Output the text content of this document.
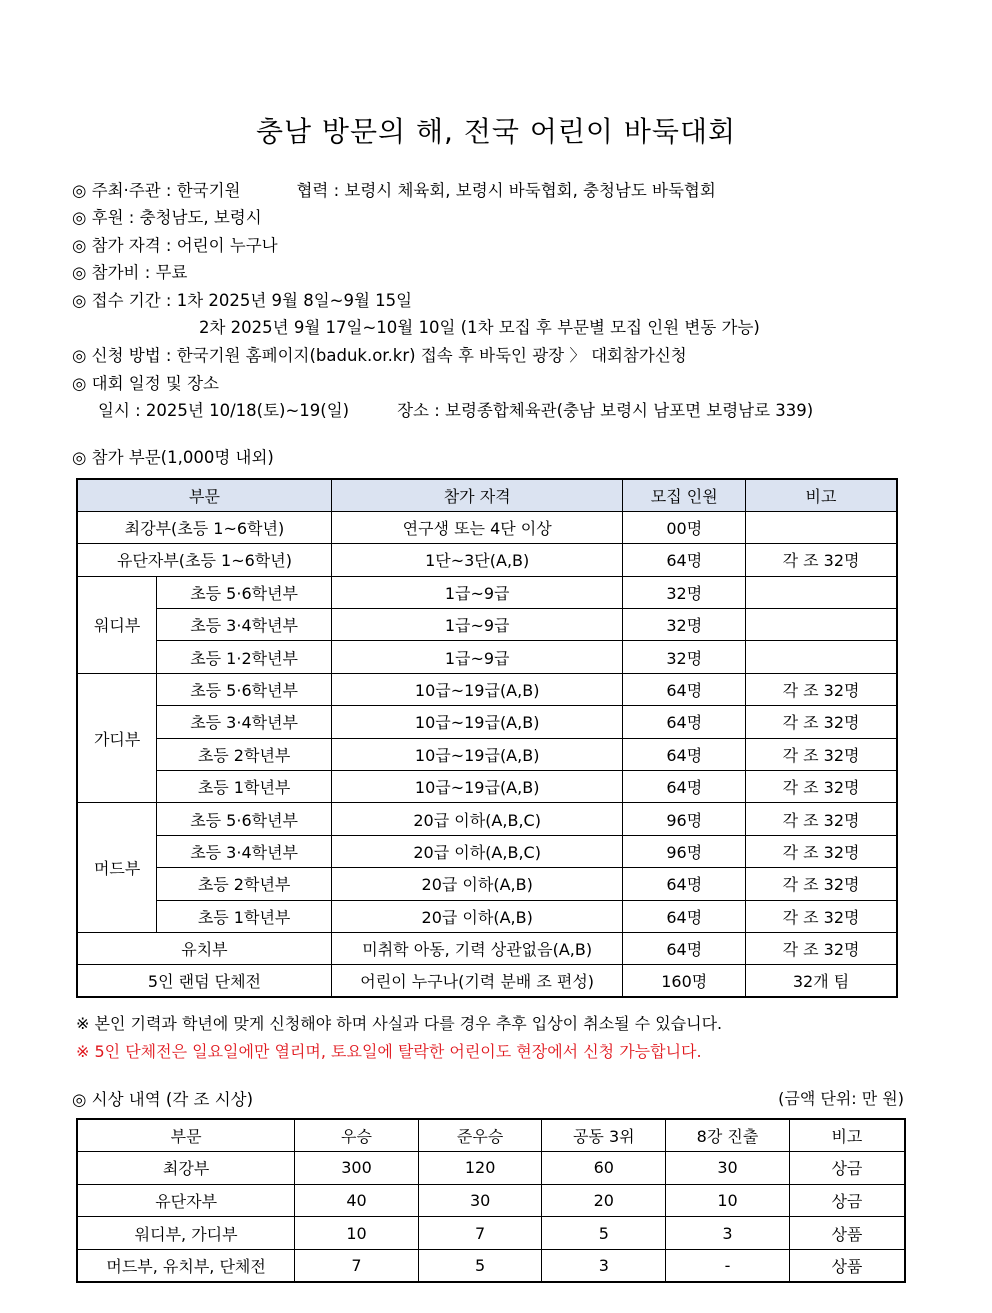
충남 방문의 해, 전국 어린이 바둑대회
◎ 주최·주관 : 한국기원	협력 : 보령시 체육회, 보령시 바둑협회, 충청남도 바둑협회
◎ 후원 : 충청남도, 보령시
◎ 참가 자격 : 어린이 누구나
◎ 참가비 : 무료
◎ 접수 기간 : 1차 2025년 9월 8일~9월 15일
2차 2025년 9월 17일~10월 10일 (1차 모집 후 부문별 모집 인원 변동 가능)
◎ 신청 방법 : 한국기원 홈페이지(baduk.or.kr) 접속 후 바둑인 광장 〉 대회참가신청
◎ 대회 일정 및 장소
일시 : 2025년 10/18(토)~19(일)	장소 : 보령종합체육관(충남 보령시 남포면 보령남로 339)
◎ 참가 부문(1,000명 내외)
부문		참가 자격	모집 인원	비고
최강부(초등 1~6학년)		연구생 또는 4단 이상	00명	
유단자부(초등 1~6학년)		1단~3단(A,B)	64명	각 조 32명
워디부	초등 5·6학년부	1급~9급	32명	
	초등 3·4학년부	1급~9급	32명	
	초등 1·2학년부	1급~9급	32명	
가디부	초등 5·6학년부	10급~19급(A,B)	64명	각 조 32명
	초등 3·4학년부	10급~19급(A,B)	64명	각 조 32명
	초등 2학년부	10급~19급(A,B)	64명	각 조 32명
	초등 1학년부	10급~19급(A,B)	64명	각 조 32명
머드부	초등 5·6학년부	20급 이하(A,B,C)	96명	각 조 32명
	초등 3·4학년부	20급 이하(A,B,C)	96명	각 조 32명
	초등 2학년부	20급 이하(A,B)	64명	각 조 32명
	초등 1학년부	20급 이하(A,B)	64명	각 조 32명
유치부		미취학 아동, 기력 상관없음(A,B)	64명	각 조 32명
5인 랜덤 단체전		어린이 누구나(기력 분배 조 편성)	160명	32개 팀
※ 본인 기력과 학년에 맞게 신청해야 하며 사실과 다를 경우 추후 입상이 취소될 수 있습니다.
※ 5인 단체전은 일요일에만 열리며, 토요일에 탈락한 어린이도 현장에서 신청 가능합니다.
◎ 시상 내역 (각 조 시상)	(금액 단위: 만 원)
부문	우승	준우승	공동 3위	8강 진출	비고
최강부	300	120	60	30	상금
유단자부	40	30	20	10	상금
워디부, 가디부	10	7	5	3	상품
머드부, 유치부, 단체전	7	5	3	-	상품
